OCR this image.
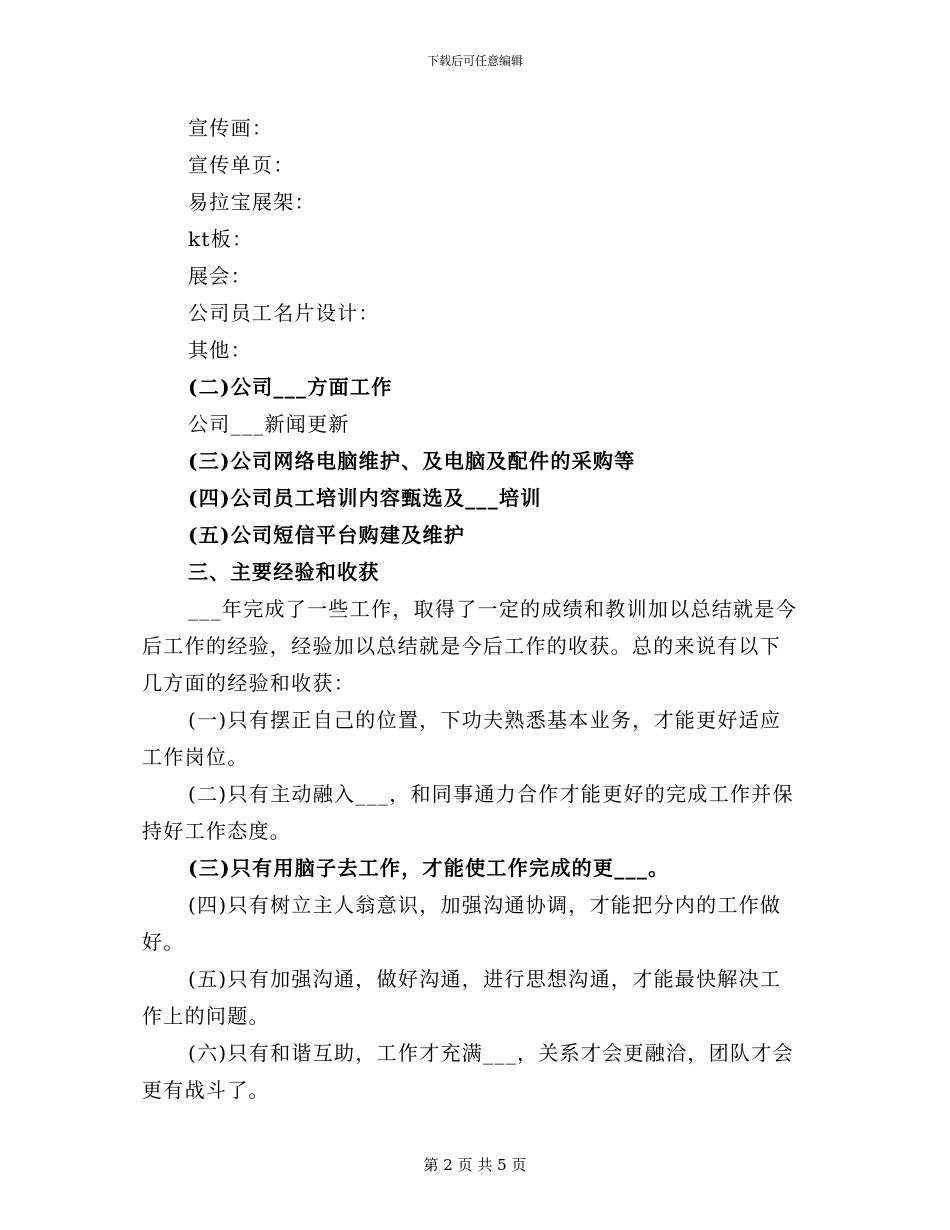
下载后可任意编辑
宣传画：
宣传单页：
易拉宝展架：
kt板：
展会：
公司员工名片设计：
其他：
(二)公司___方面工作
公司___新闻更新
(三)公司网络电脑维护、及电脑及配件的采购等
(四)公司员工培训内容甄选及___培训
(五)公司短信平台购建及维护
三、主要经验和收获
___年完成了一些工作，取得了一定的成绩和教训加以总结就是今
后工作的经验，经验加以总结就是今后工作的收获。总的来说有以下
几方面的经验和收获：
(一)只有摆正自己的位置，下功夫熟悉基本业务，才能更好适应
工作岗位。
(二)只有主动融入___，和同事通力合作才能更好的完成工作并保
持好工作态度。
(三)只有用脑子去工作，才能使工作完成的更___。
(四)只有树立主人翁意识，加强沟通协调，才能把分内的工作做
好。
(五)只有加强沟通，做好沟通，进行思想沟通，才能最快解决工
作上的问题。
(六)只有和谐互助，工作才充满___，关系才会更融洽，团队才会
更有战斗了。
第 2 页 共 5 页
